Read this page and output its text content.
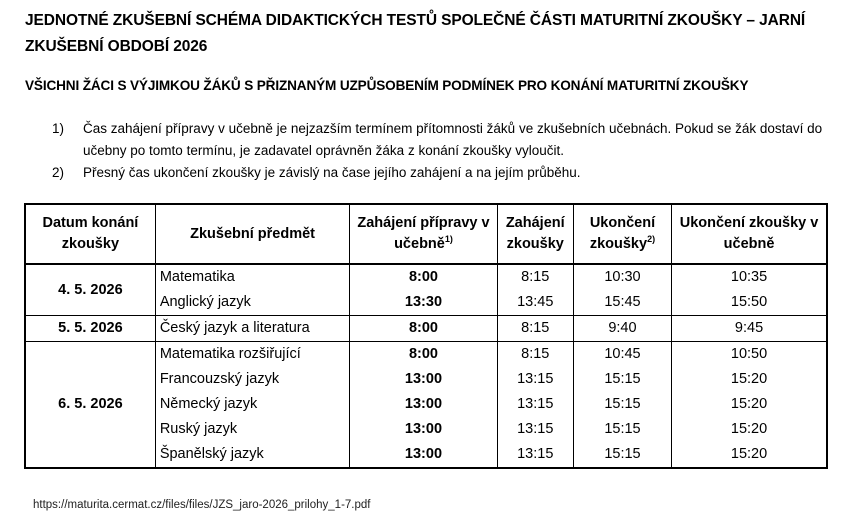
JEDNOTNÉ ZKUŠEBNÍ SCHÉMA DIDAKTICKÝCH TESTŮ SPOLEČNÉ ČÁSTI MATURITNÍ ZKOUŠKY – JARNÍ ZKUŠEBNÍ OBDOBÍ 2026
VŠICHNI ŽÁCI S VÝJIMKOU ŽÁKŮ S PŘIZNANÝM UZPŮSOBENÍM PODMÍNEK PRO KONÁNÍ MATURITNÍ ZKOUŠKY
1) Čas zahájení přípravy v učebně je nejzazším termínem přítomnosti žáků ve zkušebních učebnách. Pokud se žák dostaví do učebny po tomto termínu, je zadavatel oprávněn žáka z konání zkoušky vyloučit.
2) Přesný čas ukončení zkoušky je závislý na čase jejího zahájení a na jejím průběhu.
Datum konání zkoušky	Zkušební předmět	Zahájení přípravy v učebně$^{1)}$	Zahájení zkoušky	Ukončení zkoušky$^{2)}$	Ukončení zkoušky v učebně
4. 5. 2026	Matematika	8:00	8:15	10:30	10:35
	Anglický jazyk	13:30	13:45	15:45	15:50
5. 5. 2026	Český jazyk a literatura	8:00	8:15	9:40	9:45
6. 5. 2026	Matematika rozšiřující	8:00	8:15	10:45	10:50
	Francouzský jazyk	13:00	13:15	15:15	15:20
	Německý jazyk	13:00	13:15	15:15	15:20
	Ruský jazyk	13:00	13:15	15:15	15:20
	Španělský jazyk	13:00	13:15	15:15	15:20
https://maturita.cermat.cz/files/files/JZS_jaro-2026_prilohy_1-7.pdf
